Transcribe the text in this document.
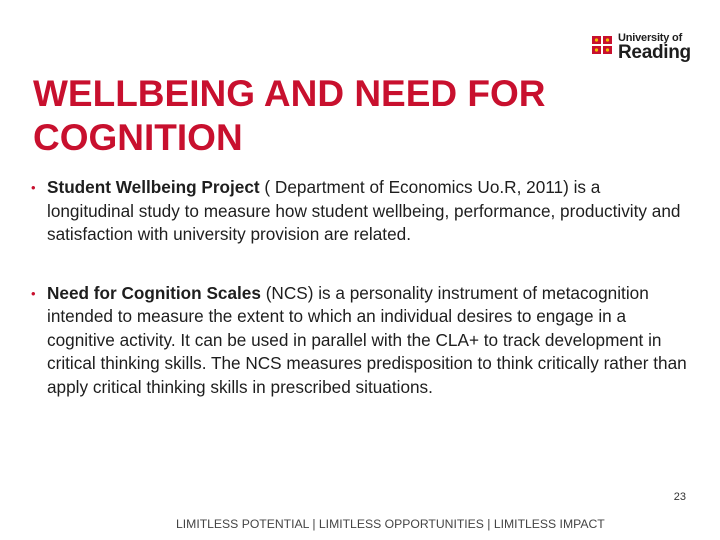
University of
Reading
WELLBEING AND NEED FOR COGNITION
• Student Wellbeing Project ( Department of Economics Uo.R, 2011) is a longitudinal study to measure how student wellbeing, performance, productivity and satisfaction with university provision are related.
• Need for Cognition Scales (NCS) is a personality instrument of metacognition intended to measure the extent to which an individual desires to engage in a cognitive activity. It can be used in parallel with the CLA+ to track development in critical thinking skills. The NCS measures predisposition to think critically rather than apply critical thinking skills in prescribed situations.
23
LIMITLESS POTENTIAL | LIMITLESS OPPORTUNITIES | LIMITLESS IMPACT
